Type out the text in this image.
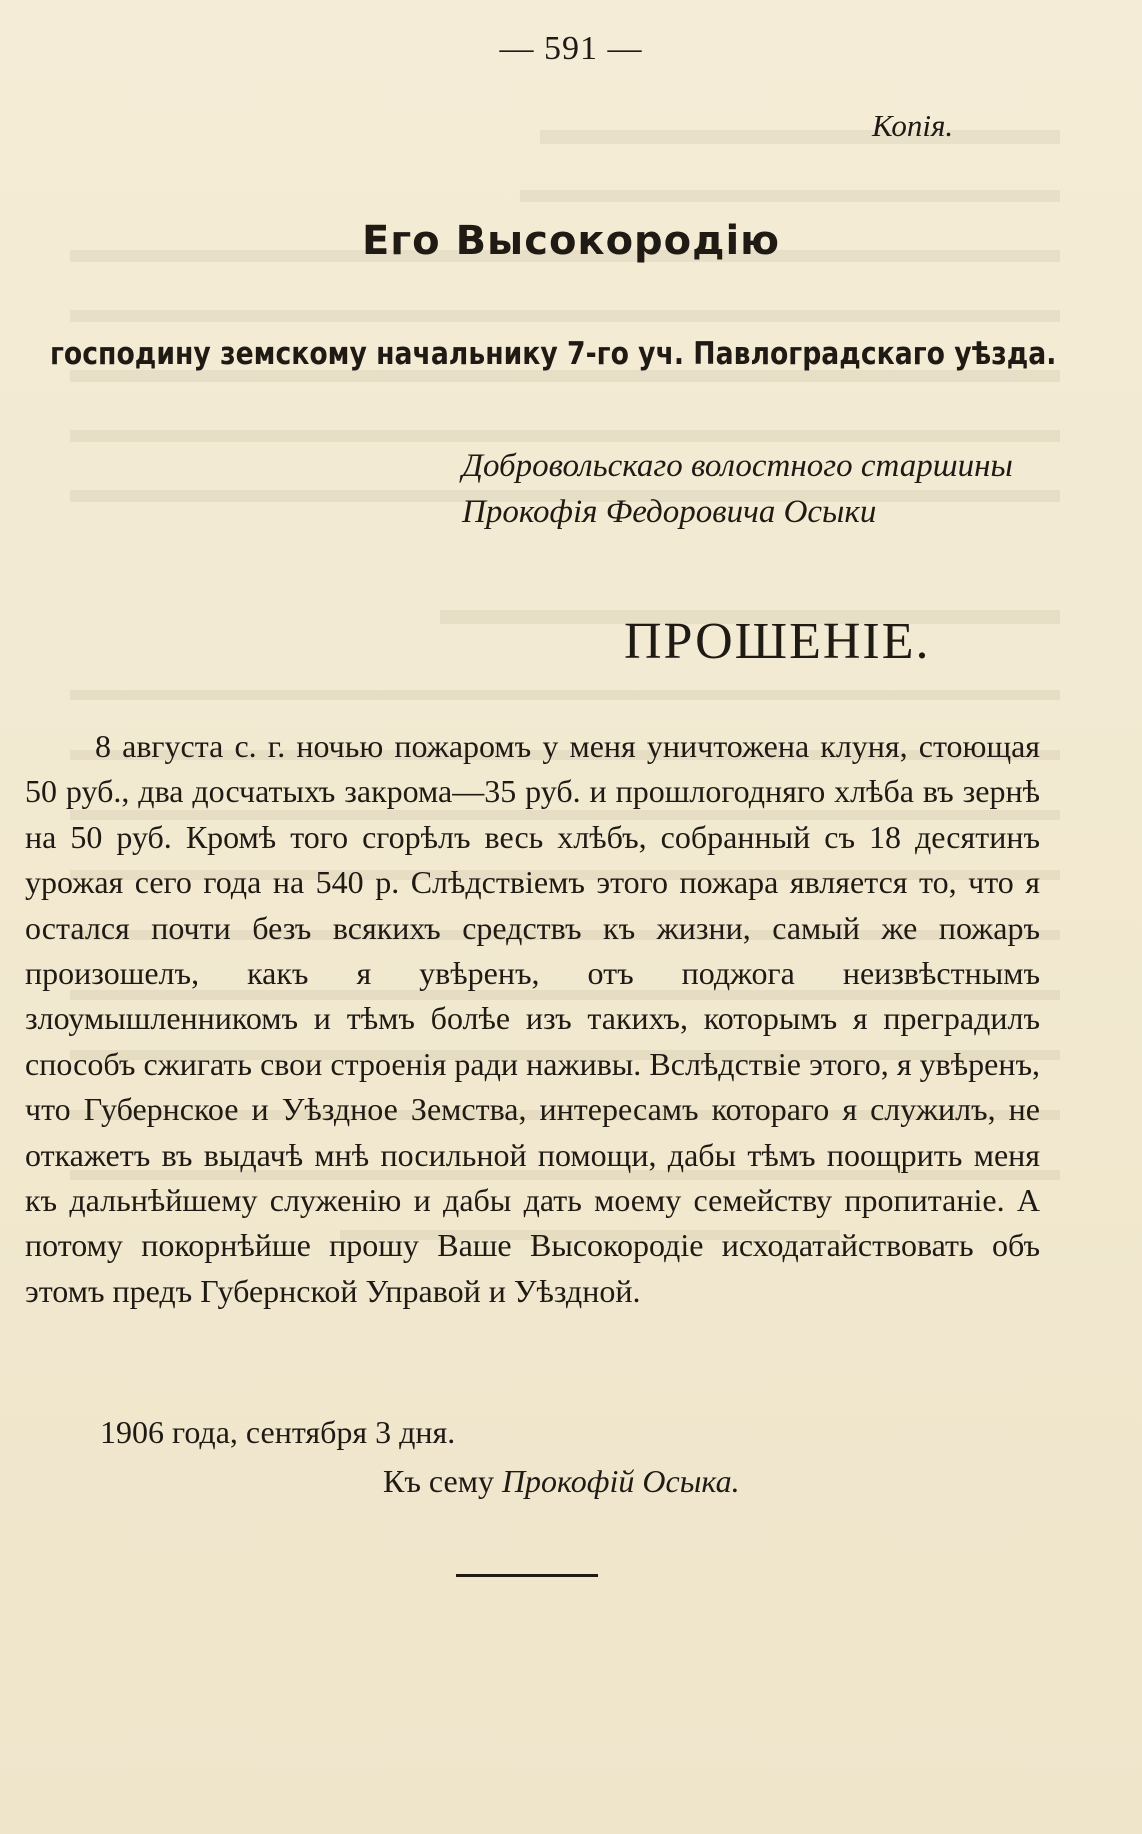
— 591 —
Копія.
Его Высокородію
господину земскому начальнику 7-го уч. Павлоградскаго уѣзда.
Добровольскаго волостного старшины
Прокофія Федоровича Осыки
ПРОШЕНІЕ.

8 августа с. г. ночью пожаромъ у меня уничтожена клуня, стоющая 50 руб., два досчатыхъ закрома—35 руб. и прошлогодняго хлѣба въ зернѣ на 50 руб. Кромѣ того сгорѣлъ весь хлѣбъ, собранный съ 18 десятинъ урожая сего года на 540 р. Слѣдствіемъ этого пожара является то, что я остался почти безъ всякихъ средствъ къ жизни, самый же пожаръ произошелъ, какъ я увѣренъ, отъ поджога неизвѣстнымъ злоумышленникомъ и тѣмъ болѣе изъ такихъ, которымъ я преградилъ способъ сжигать свои строенія ради наживы. Вслѣдствіе этого, я увѣренъ, что Губернское и Уѣздное Земства, интересамъ котораго я служилъ, не откажетъ въ выдачѣ мнѣ посильной помощи, дабы тѣмъ поощрить меня къ дальнѣйшему служенію и дабы дать моему семейству пропитаніе. А потому покорнѣйше прошу Ваше Высокородіе исходатайствовать объ этомъ предъ Губернской Управой и Уѣздной.

1906 года, сентября 3 дня.
Къ сему Прокофій Осыка.
